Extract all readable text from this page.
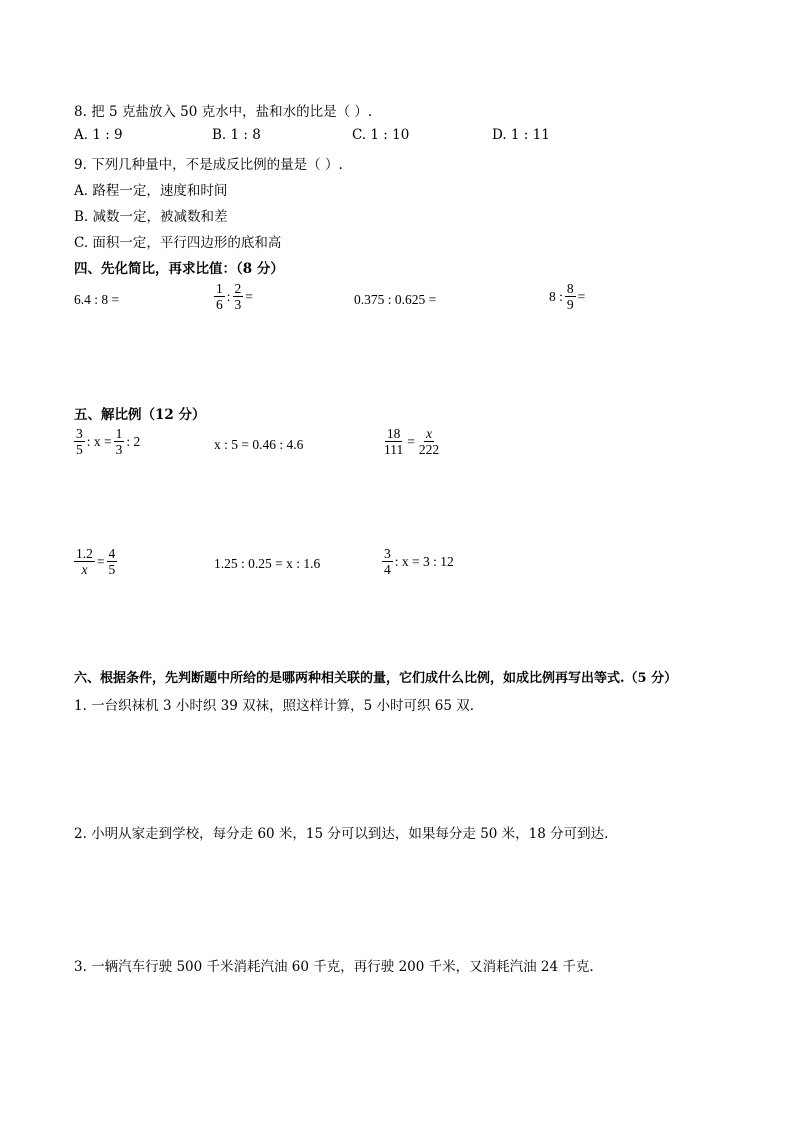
8. 把 5 克盐放入 50 克水中，盐和水的比是（ ）.
A. 1 : 9	B. 1 : 8	C. 1 : 10	D. 1 : 11
9. 下列几种量中，不是成反比例的量是（ ）.
A. 路程一定，速度和时间
B. 减数一定，被减数和差
C. 面积一定，平行四边形的底和高
四、先化简比，再求比值：（8 分）
6.4 : 8 =	$\frac{1}{6}$ : $\frac{2}{3}$ =	0.375 : 0.625 =	8 : $\frac{8}{9}$ =
五、解比例（12 分）
$\frac{3}{5}$ : $x = \frac{1}{3}$ : 2	x : 5 = 0.46 : 4.6	$\frac{18}{111} = \frac{x}{222}$
$\frac{1.2}{x} = \frac{4}{5}$	1.25 : 0.25 = x : 1.6	$\frac{3}{4}$ : x = 3 : 12
六、根据条件，先判断题中所给的是哪两种相关联的量，它们成什么比例，如成比例再写出等式.（5 分）
1. 一台织袜机 3 小时织 39 双袜，照这样计算，5 小时可织 65 双.
2. 小明从家走到学校，每分走 60 米，15 分可以到达，如果每分走 50 米，18 分可到达.
3. 一辆汽车行驶 500 千米消耗汽油 60 千克，再行驶 200 千米，又消耗汽油 24 千克.
